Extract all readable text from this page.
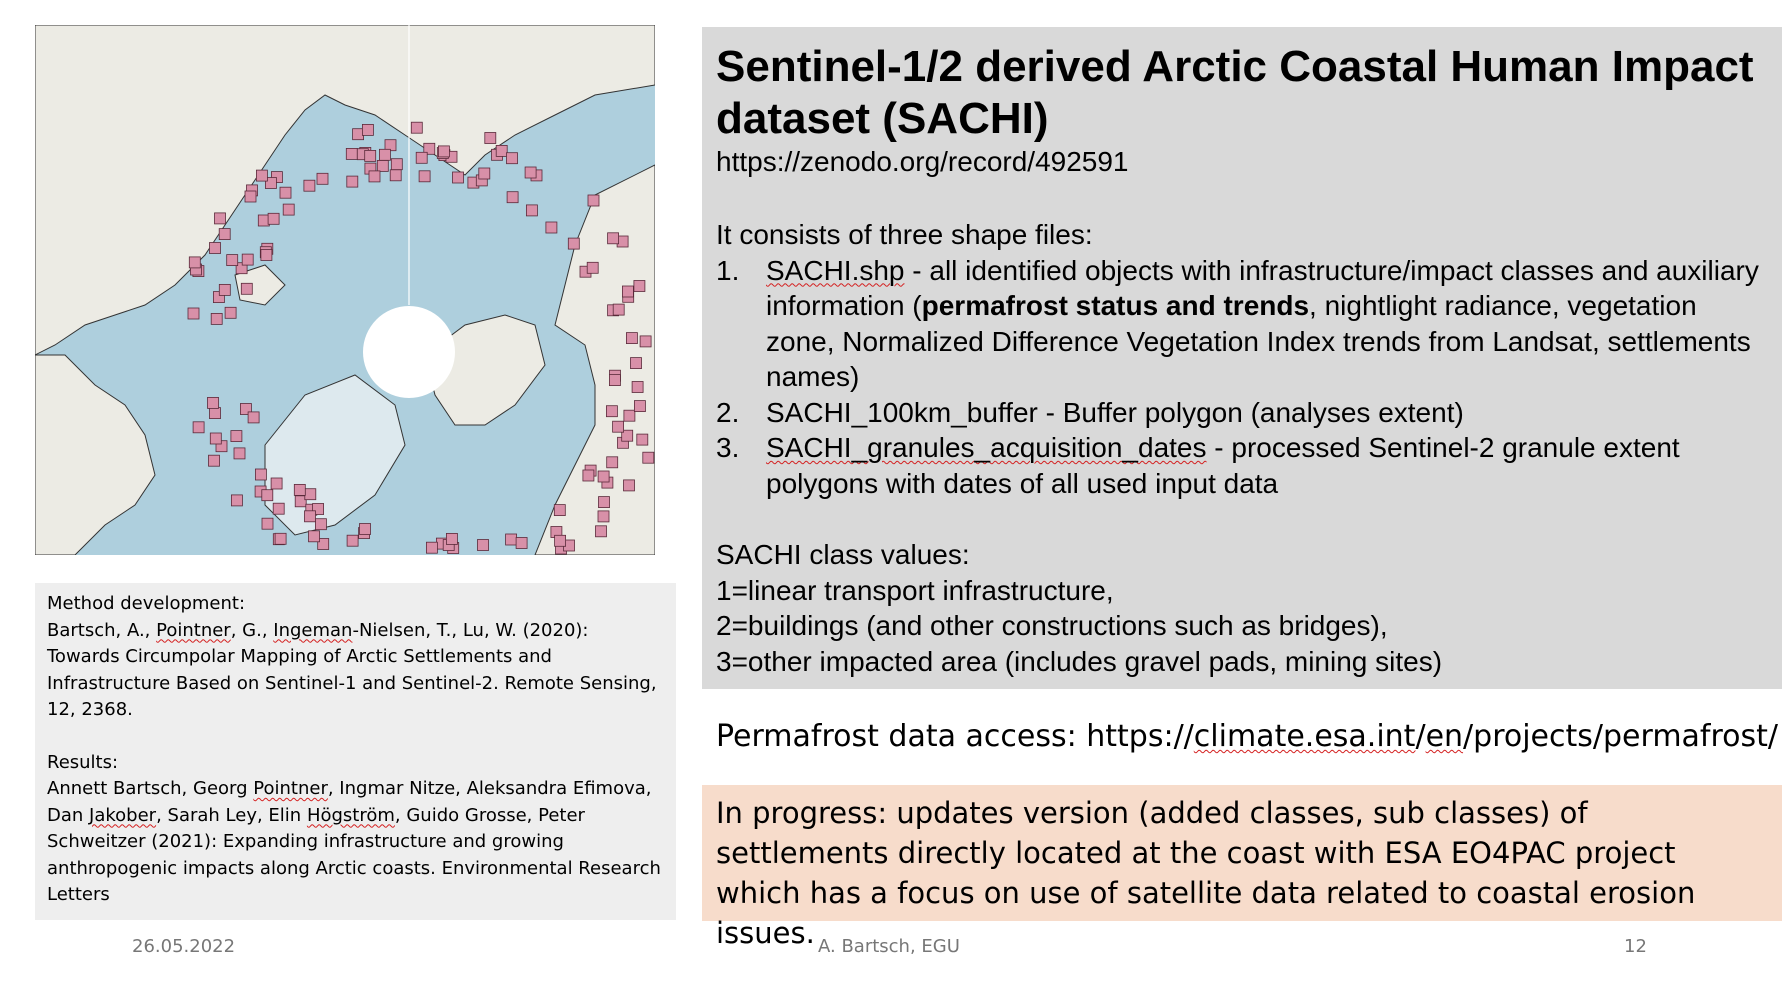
Method development:

Bartsch, A., Pointner, G., Ingeman-Nielsen, T., Lu, W. (2020):

Towards Circumpolar Mapping of Arctic Settlements and

Infrastructure Based on Sentinel-1 and Sentinel-2. Remote Sensing,

12, 2368.

Results:

Annett Bartsch, Georg Pointner, Ingmar Nitze, Aleksandra Efimova,

Dan Jakober, Sarah Ley, Elin Högström, Guido Grosse, Peter

Schweitzer (2021): Expanding infrastructure and growing

anthropogenic impacts along Arctic coasts. Environmental Research

Letters

Sentinel-1/2 derived Arctic Coastal Human Impact dataset (SACHI)

https://zenodo.org/record/492591

It consists of three shape files:

1. SACHI.shp - all identified objects with infrastructure/impact classes and auxiliary information (permafrost status and trends, nightlight radiance, vegetation zone, Normalized Difference Vegetation Index trends from Landsat, settlements names)
2. SACHI_100km_buffer - Buffer polygon (analyses extent)
3. SACHI_granules_acquisition_dates - processed Sentinel-2 granule extent polygons with dates of all used input data

SACHI class values:

1=linear transport infrastructure,

2=buildings (and other constructions such as bridges),

3=other impacted area (includes gravel pads, mining sites)

Permafrost data access: https://climate.esa.int/en/projects/permafrost/
In progress: updates version (added classes, sub classes) of settlements directly located at the coast with ESA EO4PAC project which has a focus on use of satellite data related to coastal erosion issues.
26.05.2022	A. Bartsch, EGU	12
